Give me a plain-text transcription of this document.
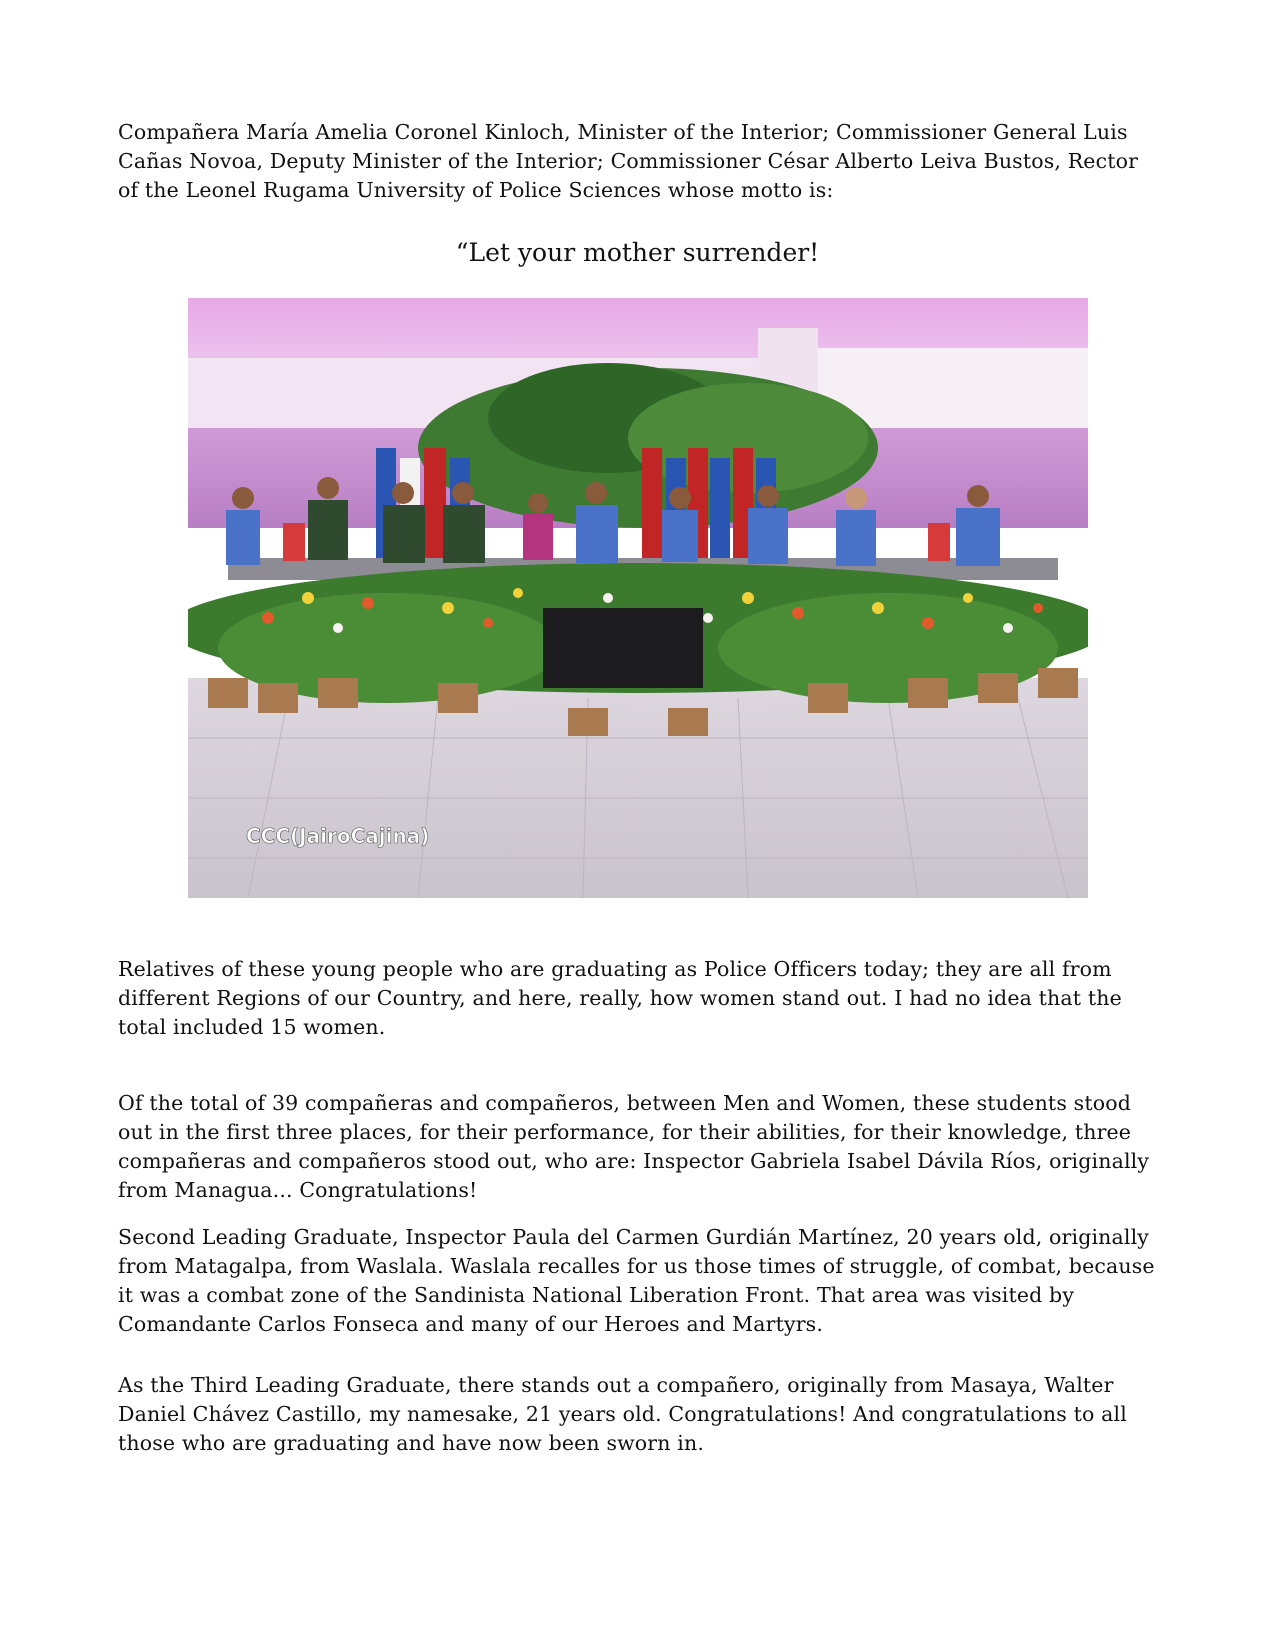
Compañera María Amelia Coronel Kinloch, Minister of the Interior; Commissioner General Luis Cañas Novoa, Deputy Minister of the Interior; Commissioner César Alberto Leiva Bustos, Rector of the Leonel Rugama University of Police Sciences whose motto is:

“Let your mother surrender!

CCC(JairoCajina)

Relatives of these young people who are graduating as Police Officers today; they are all from different Regions of our Country, and here, really, how women stand out. I had no idea that the total included 15 women.

Of the total of 39 compañeras and compañeros, between Men and Women, these students stood out in the first three places, for their performance, for their abilities, for their knowledge, three compañeras and compañeros stood out, who are: Inspector Gabriela Isabel Dávila Ríos, originally from Managua... Congratulations!

Second Leading Graduate, Inspector Paula del Carmen Gurdián Martínez, 20 years old, originally from Matagalpa, from Waslala. Waslala recalles for us those times of struggle, of combat, because it was a combat zone of the Sandinista National Liberation Front. That area was visited by Comandante Carlos Fonseca and many of our Heroes and Martyrs.

As the Third Leading Graduate, there stands out a compañero, originally from Masaya, Walter Daniel Chávez Castillo, my namesake, 21 years old. Congratulations! And congratulations to all those who are graduating and have now been sworn in.
